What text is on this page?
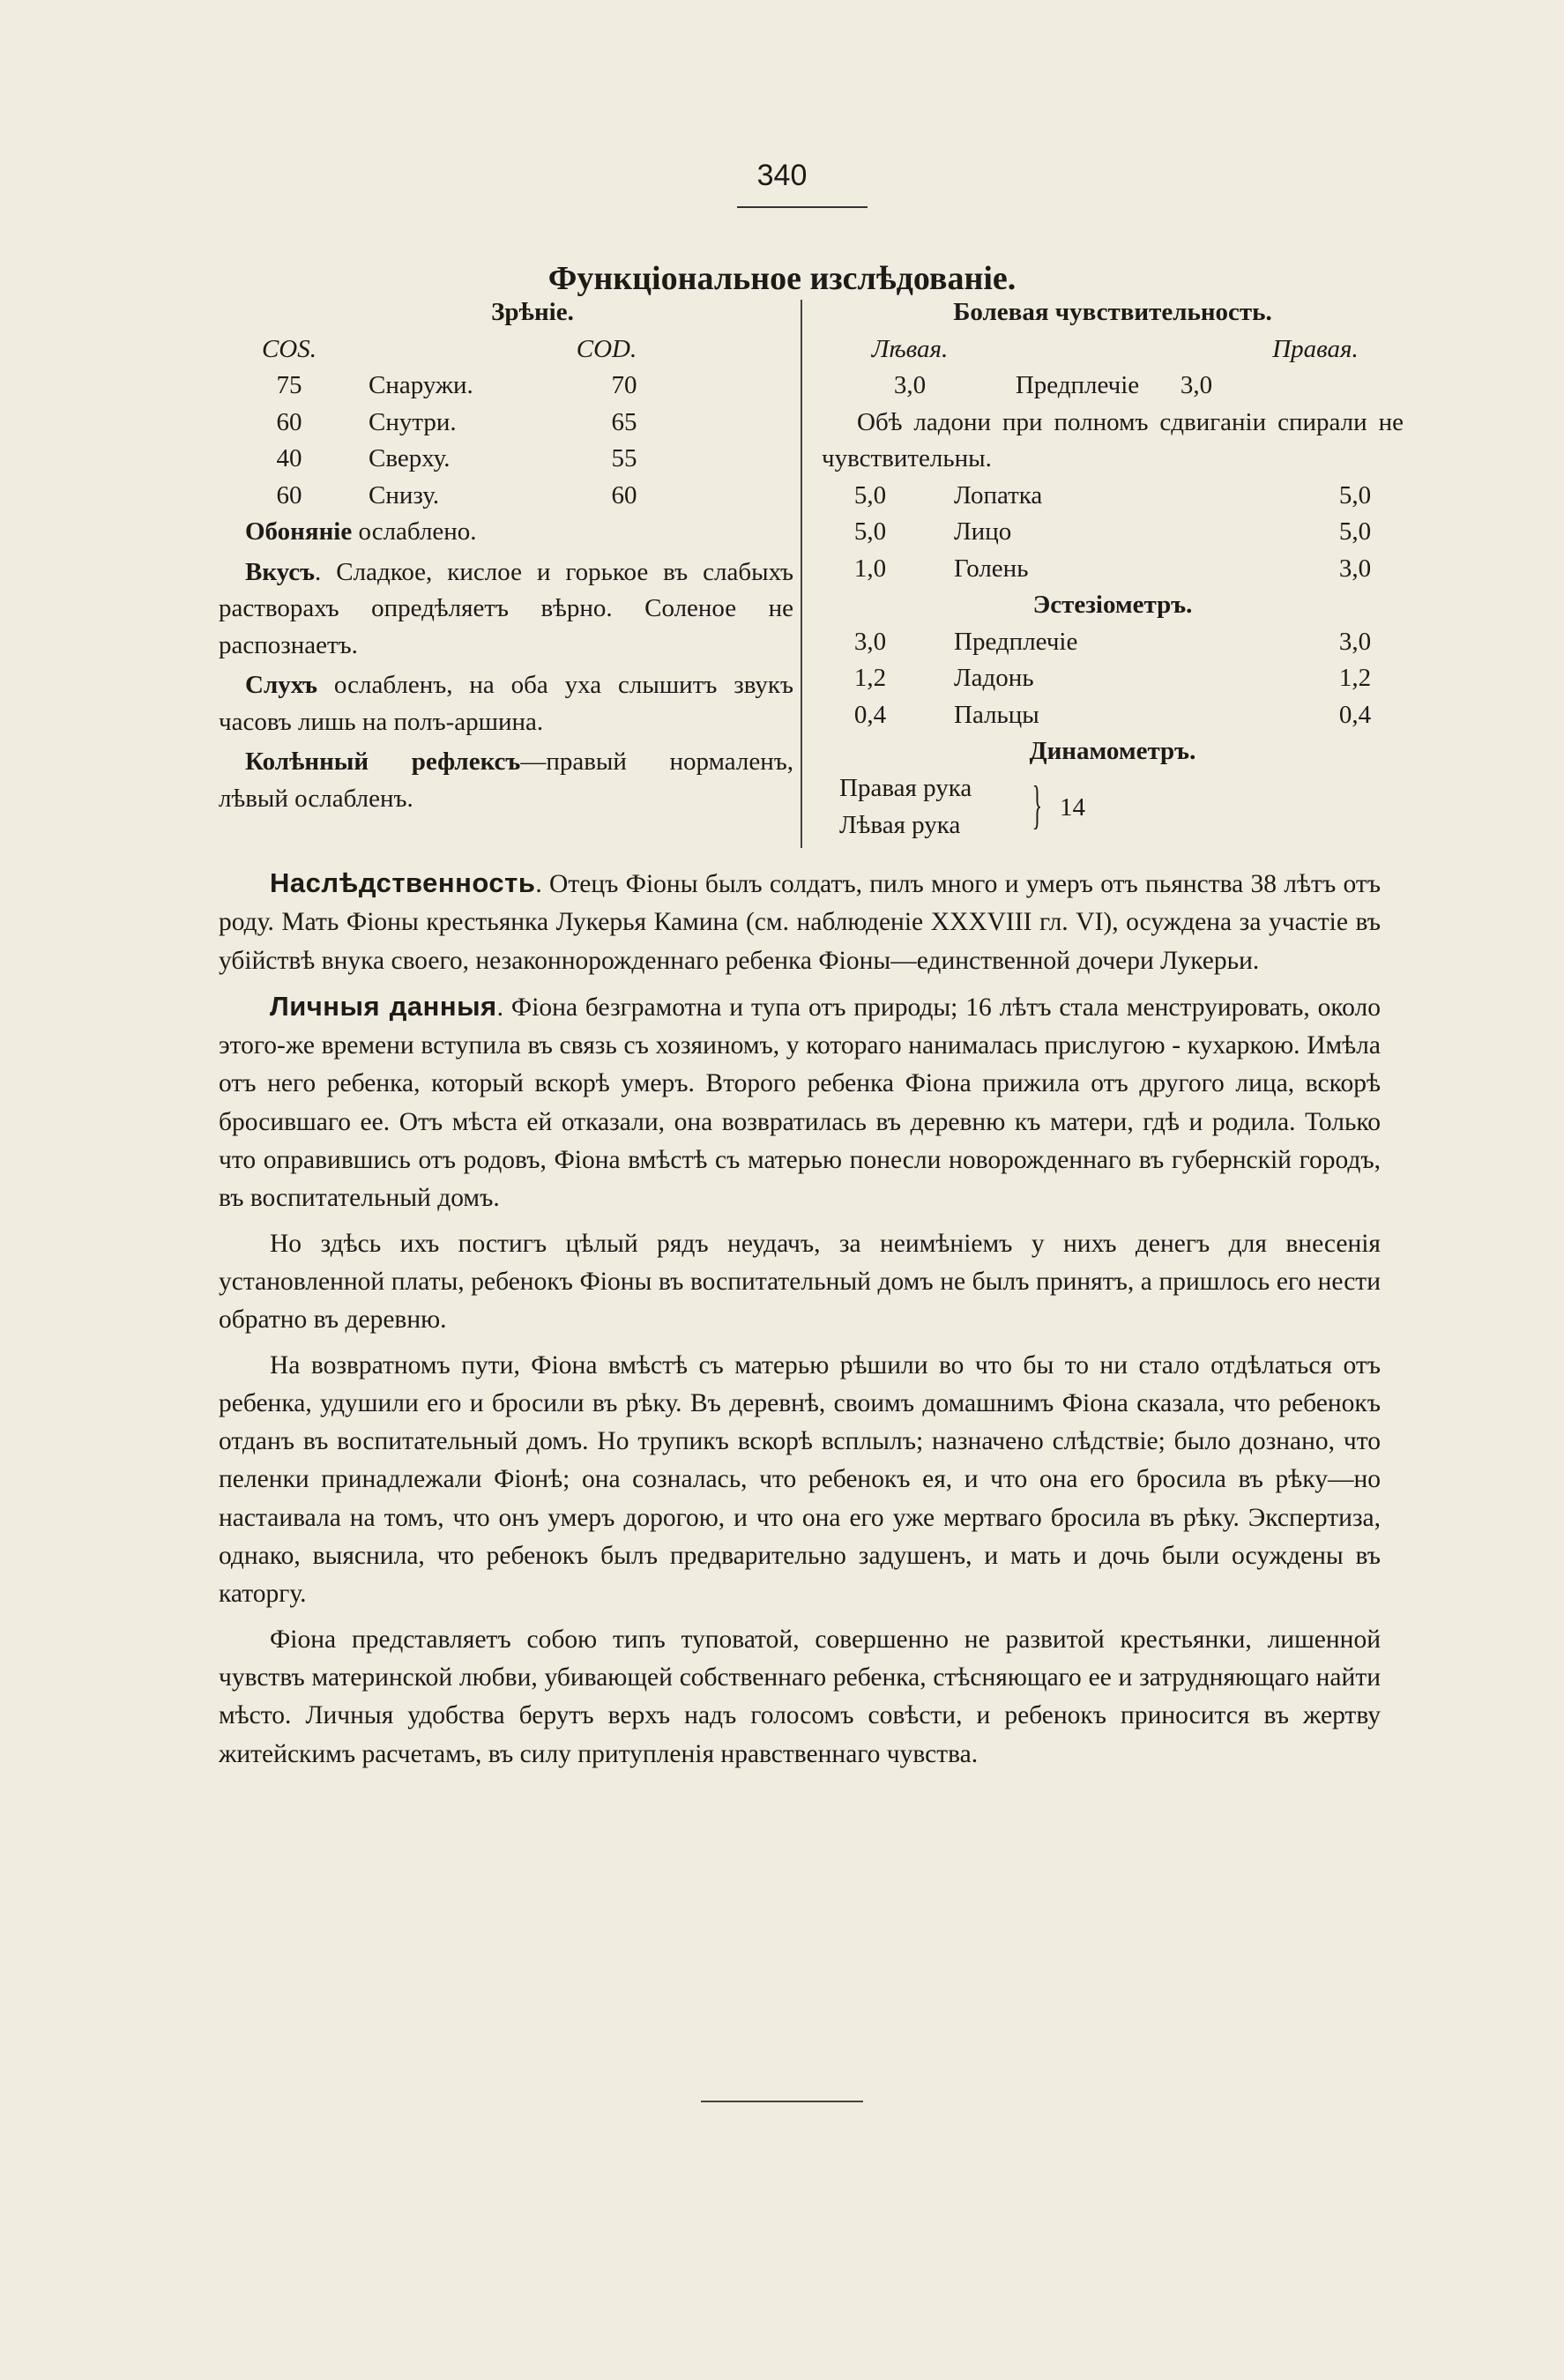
340
Функціональное изслѣдованіе.
Зрѣніе.
COS.	COD.
75	Снаружи.	70
60	Снутри.	65
40	Сверху.	55
60	Снизу.	60
Обоняніе ослаблено.
Вкусъ. Сладкое, кислое и горькое въ слабыхъ растворахъ опредѣляетъ вѣрно. Соленое не распознаетъ.
Слухъ ослабленъ, на оба уха слышитъ звукъ часовъ лишь на полъ-аршина.
Колѣнный рефлексъ—правый нормаленъ, лѣвый ослабленъ.
Болевая чувствительность.
Лѣвая.	Правая.
3,0	Предплечіе	3,0
Обѣ ладони при полномъ сдвиганіи спирали не чувствительны.
5,0	Лопатка	5,0
5,0	Лицо	5,0
1,0	Голень	3,0
Эстезіометръ.
3,0	Предплечіе	3,0
1,2	Ладонь	1,2
0,4	Пальцы	0,4
Динамометръ.
Правая рука
Лѣвая рука } 14

Наслѣдственность. Отецъ Фіоны былъ солдатъ, пилъ много и умеръ отъ пьянства 38 лѣтъ отъ роду. Мать Фіоны крестьянка Лукерья Камина (см. наблюденіе XXXVIII гл. VI), осуждена за участіе въ убійствѣ внука своего, незаконнорожденнаго ребенка Фіоны—единственной дочери Лукерьи.

Личныя данныя. Фіона безграмотна и тупа отъ природы; 16 лѣтъ стала менструировать, около этого-же времени вступила въ связь съ хозяиномъ, у котораго нанималась прислугою - кухаркою. Имѣла отъ него ребенка, который вскорѣ умеръ. Второго ребенка Фіона прижила отъ другого лица, вскорѣ бросившаго ее. Отъ мѣста ей отказали, она возвратилась въ деревню къ матери, гдѣ и родила. Только что оправившись отъ родовъ, Фіона вмѣстѣ съ матерью понесли новорожденнаго въ губернскій городъ, въ воспитательный домъ.

Но здѣсь ихъ постигъ цѣлый рядъ неудачъ, за неимѣніемъ у нихъ денегъ для внесенія установленной платы, ребенокъ Фіоны въ воспитательный домъ не былъ принятъ, а пришлось его нести обратно въ деревню.

На возвратномъ пути, Фіона вмѣстѣ съ матерью рѣшили во что бы то ни стало отдѣлаться отъ ребенка, удушили его и бросили въ рѣку. Въ деревнѣ, своимъ домашнимъ Фіона сказала, что ребенокъ отданъ въ воспитательный домъ. Но трупикъ вскорѣ всплылъ; назначено слѣдствіе; было дознано, что пеленки принадлежали Фіонѣ; она созналась, что ребенокъ ея, и что она его бросила въ рѣку—но настаивала на томъ, что онъ умеръ дорогою, и что она его уже мертваго бросила въ рѣку. Экспертиза, однако, выяснила, что ребенокъ былъ предварительно задушенъ, и мать и дочь были осуждены въ каторгу.

Фіона представляетъ собою типъ туповатой, совершенно не развитой крестьянки, лишенной чувствъ материнской любви, убивающей собственнаго ребенка, стѣсняющаго ее и затрудняющаго найти мѣсто. Личныя удобства берутъ верхъ надъ голосомъ совѣсти, и ребенокъ приносится въ жертву житейскимъ расчетамъ, въ силу притупленія нравственнаго чувства.
